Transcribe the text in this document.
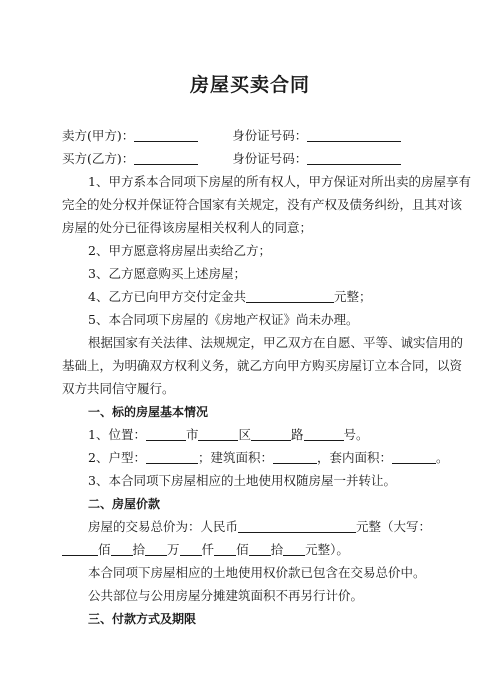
房屋买卖合同
卖方(甲方)：	身份证号码：
买方(乙方)：	身份证号码：
1、甲方系本合同项下房屋的所有权人，甲方保证对所出卖的房屋享有
完全的处分权并保证符合国家有关规定，没有产权及债务纠纷，且其对该
房屋的处分已征得该房屋相关权利人的同意；
2、甲方愿意将房屋出卖给乙方；
3、乙方愿意购买上述房屋；
4、乙方已向甲方交付定金共	元整；
5、本合同项下房屋的《房地产权证》尚未办理。
根据国家有关法律、法规规定，甲乙双方在自愿、平等、诚实信用的
基础上，为明确双方权利义务，就乙方向甲方购买房屋订立本合同，以资
双方共同信守履行。
一、标的房屋基本情况
1、位置：	市	区	路	号。
2、户型：	；建筑面积：	，套内面积：	。
3、本合同项下房屋相应的土地使用权随房屋一并转让。
二、房屋价款
房屋的交易总价为：人民币	元整（大写：
佰 拾 万 仟 佰 拾 元整）。
本合同项下房屋相应的土地使用权价款已包含在交易总价中。
公共部位与公用房屋分摊建筑面积不再另行计价。
三、付款方式及期限
